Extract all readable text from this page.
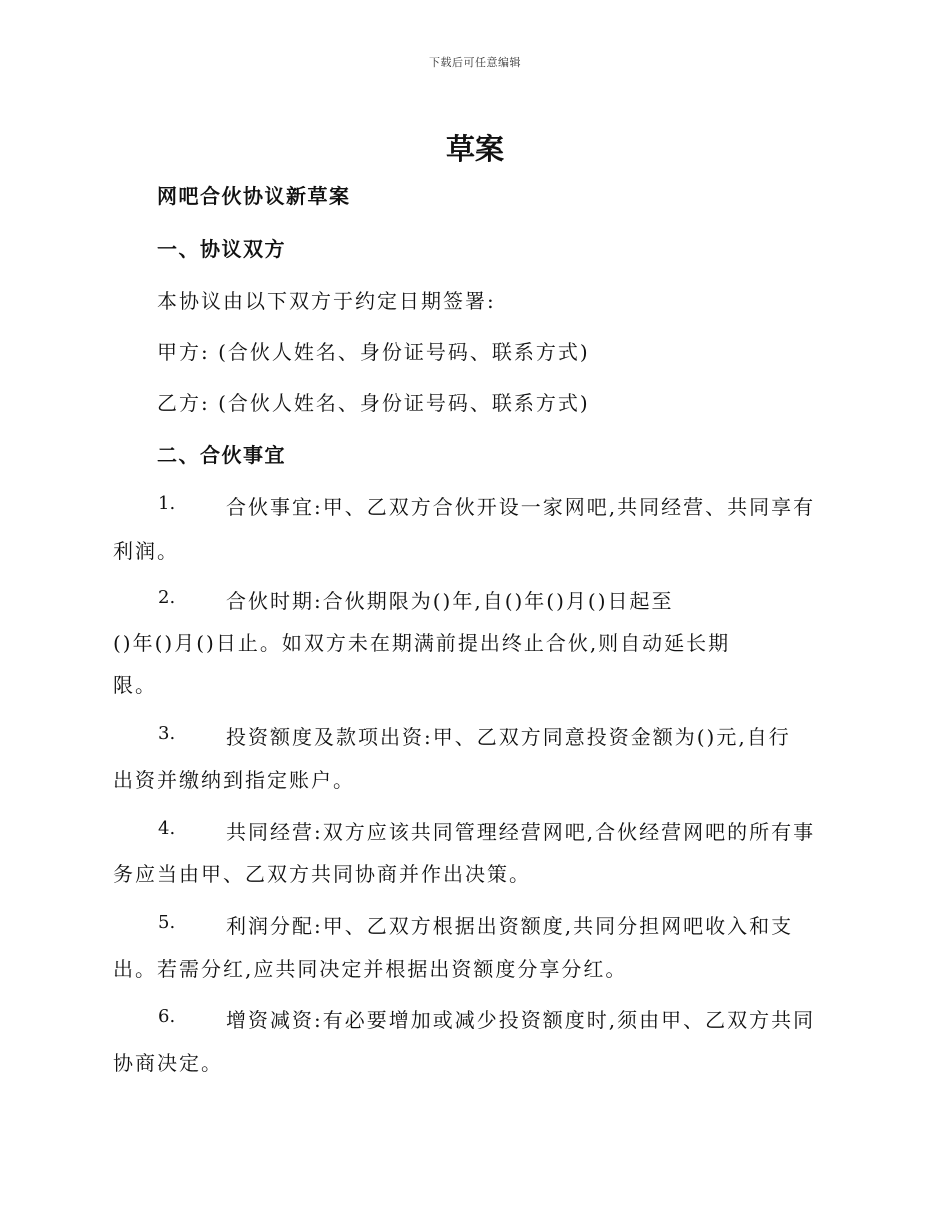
下载后可任意编辑
草案
网吧合伙协议新草案
一、协议双方
本协议由以下双方于约定日期签署:
甲方: (合伙人姓名、身份证号码、联系方式)
乙方: (合伙人姓名、身份证号码、联系方式)
二、合伙事宜
1.	合伙事宜:甲、乙双方合伙开设一家网吧,共同经营、共同享有
利润。
2.	合伙时期:合伙期限为()年,自()年()月()日起至
()年()月()日止。如双方未在期满前提出终止合伙,则自动延长期
限。
3.	投资额度及款项出资:甲、乙双方同意投资金额为()元,自行
出资并缴纳到指定账户。
4.	共同经营:双方应该共同管理经营网吧,合伙经营网吧的所有事
务应当由甲、乙双方共同协商并作出决策。
5.	利润分配:甲、乙双方根据出资额度,共同分担网吧收入和支
出。若需分红,应共同决定并根据出资额度分享分红。
6.	增资减资:有必要增加或减少投资额度时,须由甲、乙双方共同
协商决定。
